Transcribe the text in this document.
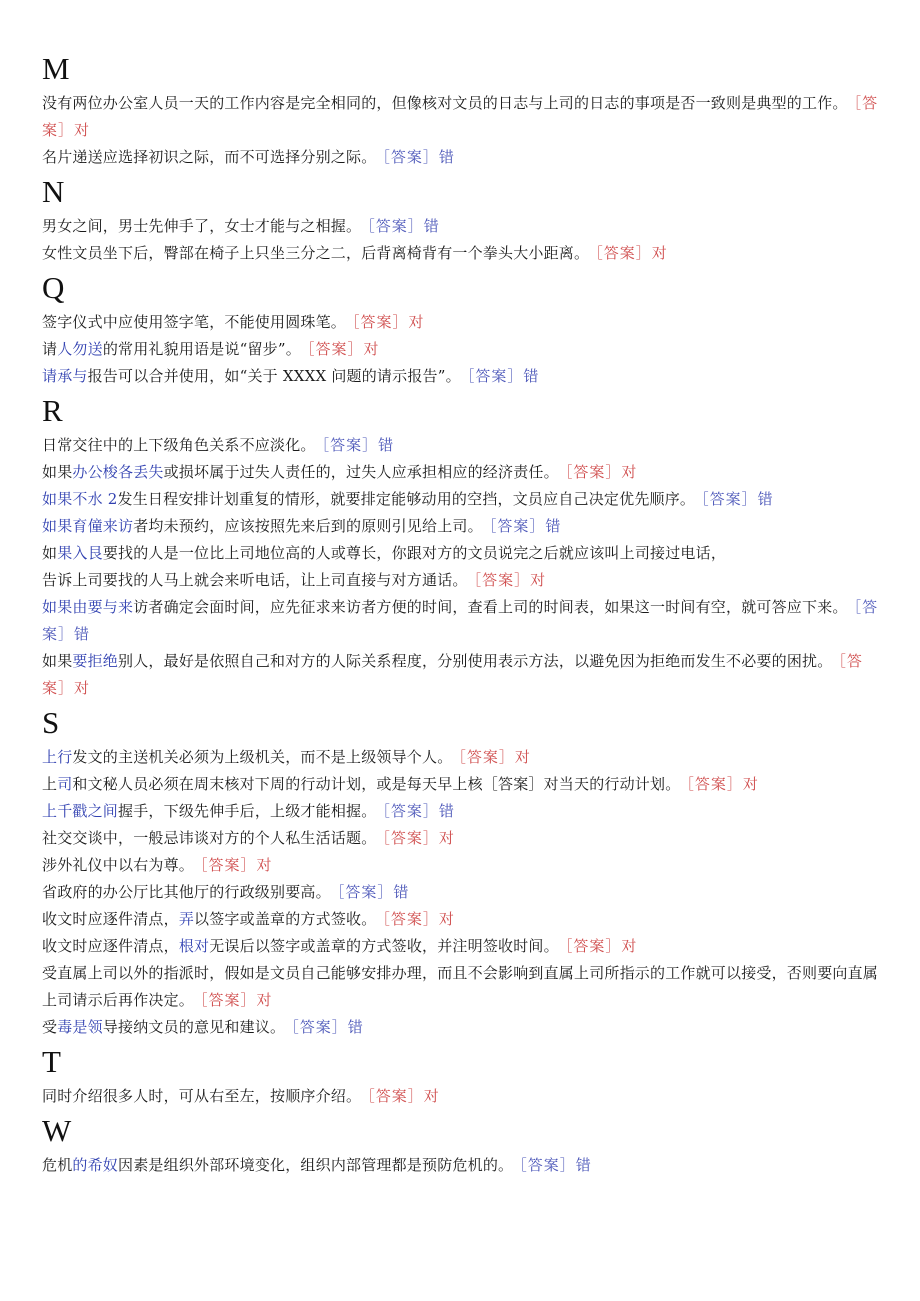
M

没有两位办公室人员一天的工作内容是完全相同的，但像核对文员的日志与上司的日志的事项是否一致则是典型的工作。 ［答案］对

名片递送应选择初识之际，而不可选择分别之际。 ［答案］错

N

男女之间，男士先伸手了，女士才能与之相握。 ［答案］错

女性文员坐下后，臀部在椅子上只坐三分之二，后背离椅背有一个拳头大小距离。 ［答案］对

Q

签字仪式中应使用签字笔，不能使用圆珠笔。 ［答案］对

请人勿送的常用礼貌用语是说“留步”。 ［答案］对

请承与报告可以合并使用，如“关于 XXXX 问题的请示报告”。 ［答案］错

R

日常交往中的上下级角色关系不应淡化。 ［答案］错

如果办公梭各丢失或损坏属于过失人责任的，过失人应承担相应的经济责任。 ［答案］对

如果不水 2发生日程安排计划重复的情形，就要排定能够动用的空挡，文员应自己决定优先顺序。 ［答案］错

如果育僮来访者均未预约，应该按照先来后到的原则引见给上司。 ［答案］错

如果入艮要找的人是一位比上司地位高的人或尊长，你跟对方的文员说完之后就应该叫上司接过电话，

告诉上司要找的人马上就会来听电话，让上司直接与对方通话。 ［答案］对

如果由要与来访者确定会面时间，应先征求来访者方便的时间，查看上司的时间表，如果这一时间有空，就可答应下来。 ［答案］错

如果要拒绝别人，最好是依照自己和对方的人际关系程度，分别使用表示方法，以避免因为拒绝而发生不必要的困扰。 ［答案］对

S

上行发文的主送机关必须为上级机关，而不是上级领导个人。 ［答案］对

上司和文秘人员必须在周末核对下周的行动计划，或是每天早上核［答案］对当天的行动计划。 ［答案］对

上千戳之间握手，下级先伸手后，上级才能相握。 ［答案］错

社交交谈中，一般忌讳谈对方的个人私生活话题。 ［答案］对

涉外礼仪中以右为尊。 ［答案］对

省政府的办公厅比其他厅的行政级别要高。 ［答案］错

收文时应逐件清点，弄以签字或盖章的方式签收。 ［答案］对

收文时应逐件清点，根对无误后以签字或盖章的方式签收，并注明签收时间。 ［答案］对

受直属上司以外的指派时，假如是文员自己能够安排办理，而且不会影响到直属上司所指示的工作就可以接受，否则要向直属上司请示后再作决定。 ［答案］对

受毒是领导接纳文员的意见和建议。 ［答案］错

T

同时介绍很多人时，可从右至左，按顺序介绍。 ［答案］对

W

危机的希奴因素是组织外部环境变化，组织内部管理都是预防危机的。 ［答案］错
